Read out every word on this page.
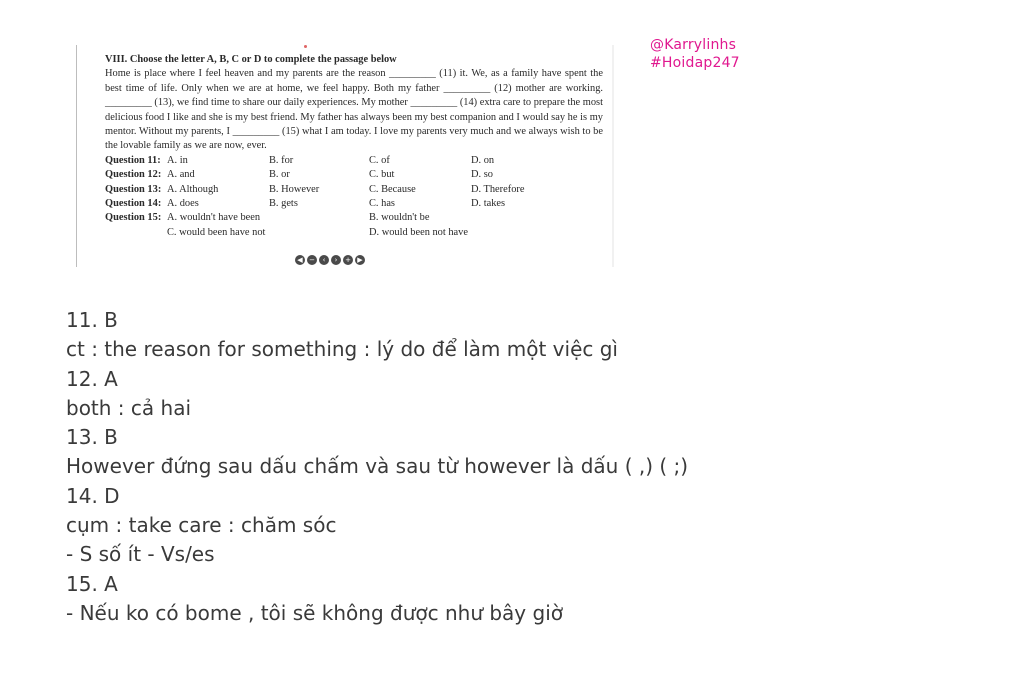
VIII. Choose the letter A, B, C or D to complete the passage below
Home is place where I feel heaven and my parents are the reason _________ (11) it. We, as a family have spent the best time of life. Only when we are at home, we feel happy. Both my father _________ (12) mother are working. _________ (13), we find time to share our daily experiences. My mother _________ (14) extra care to prepare the most delicious food I like and she is my best friend. My father has always been my best companion and I would say he is my mentor. Without my parents, I _________ (15) what I am today. I love my parents very much and we always wish to be the lovable family as we are now, ever.
Question 11: A. in	B. for	C. of	D. on
Question 12: A. and	B. or	C. but	D. so
Question 13: A. Although	B. However	C. Because	D. Therefore
Question 14: A. does	B. gets	C. has	D. takes
Question 15: A. wouldn't have been	B. wouldn't be
C. would been have not	D. would been not have
◀ −	‹	›	+ ▶
@Karrylinhs
#Hoidap247
11. B
ct : the reason for something : lý do để làm một việc gì
12. A
both : cả hai
13. B
However đứng sau dấu chấm và sau từ however là dấu ( ,) ( ;)
14. D
cụm : take care : chăm sóc
- S số ít - Vs/es
15. A
- Nếu ko có bome , tôi sẽ không được như bây giờ
